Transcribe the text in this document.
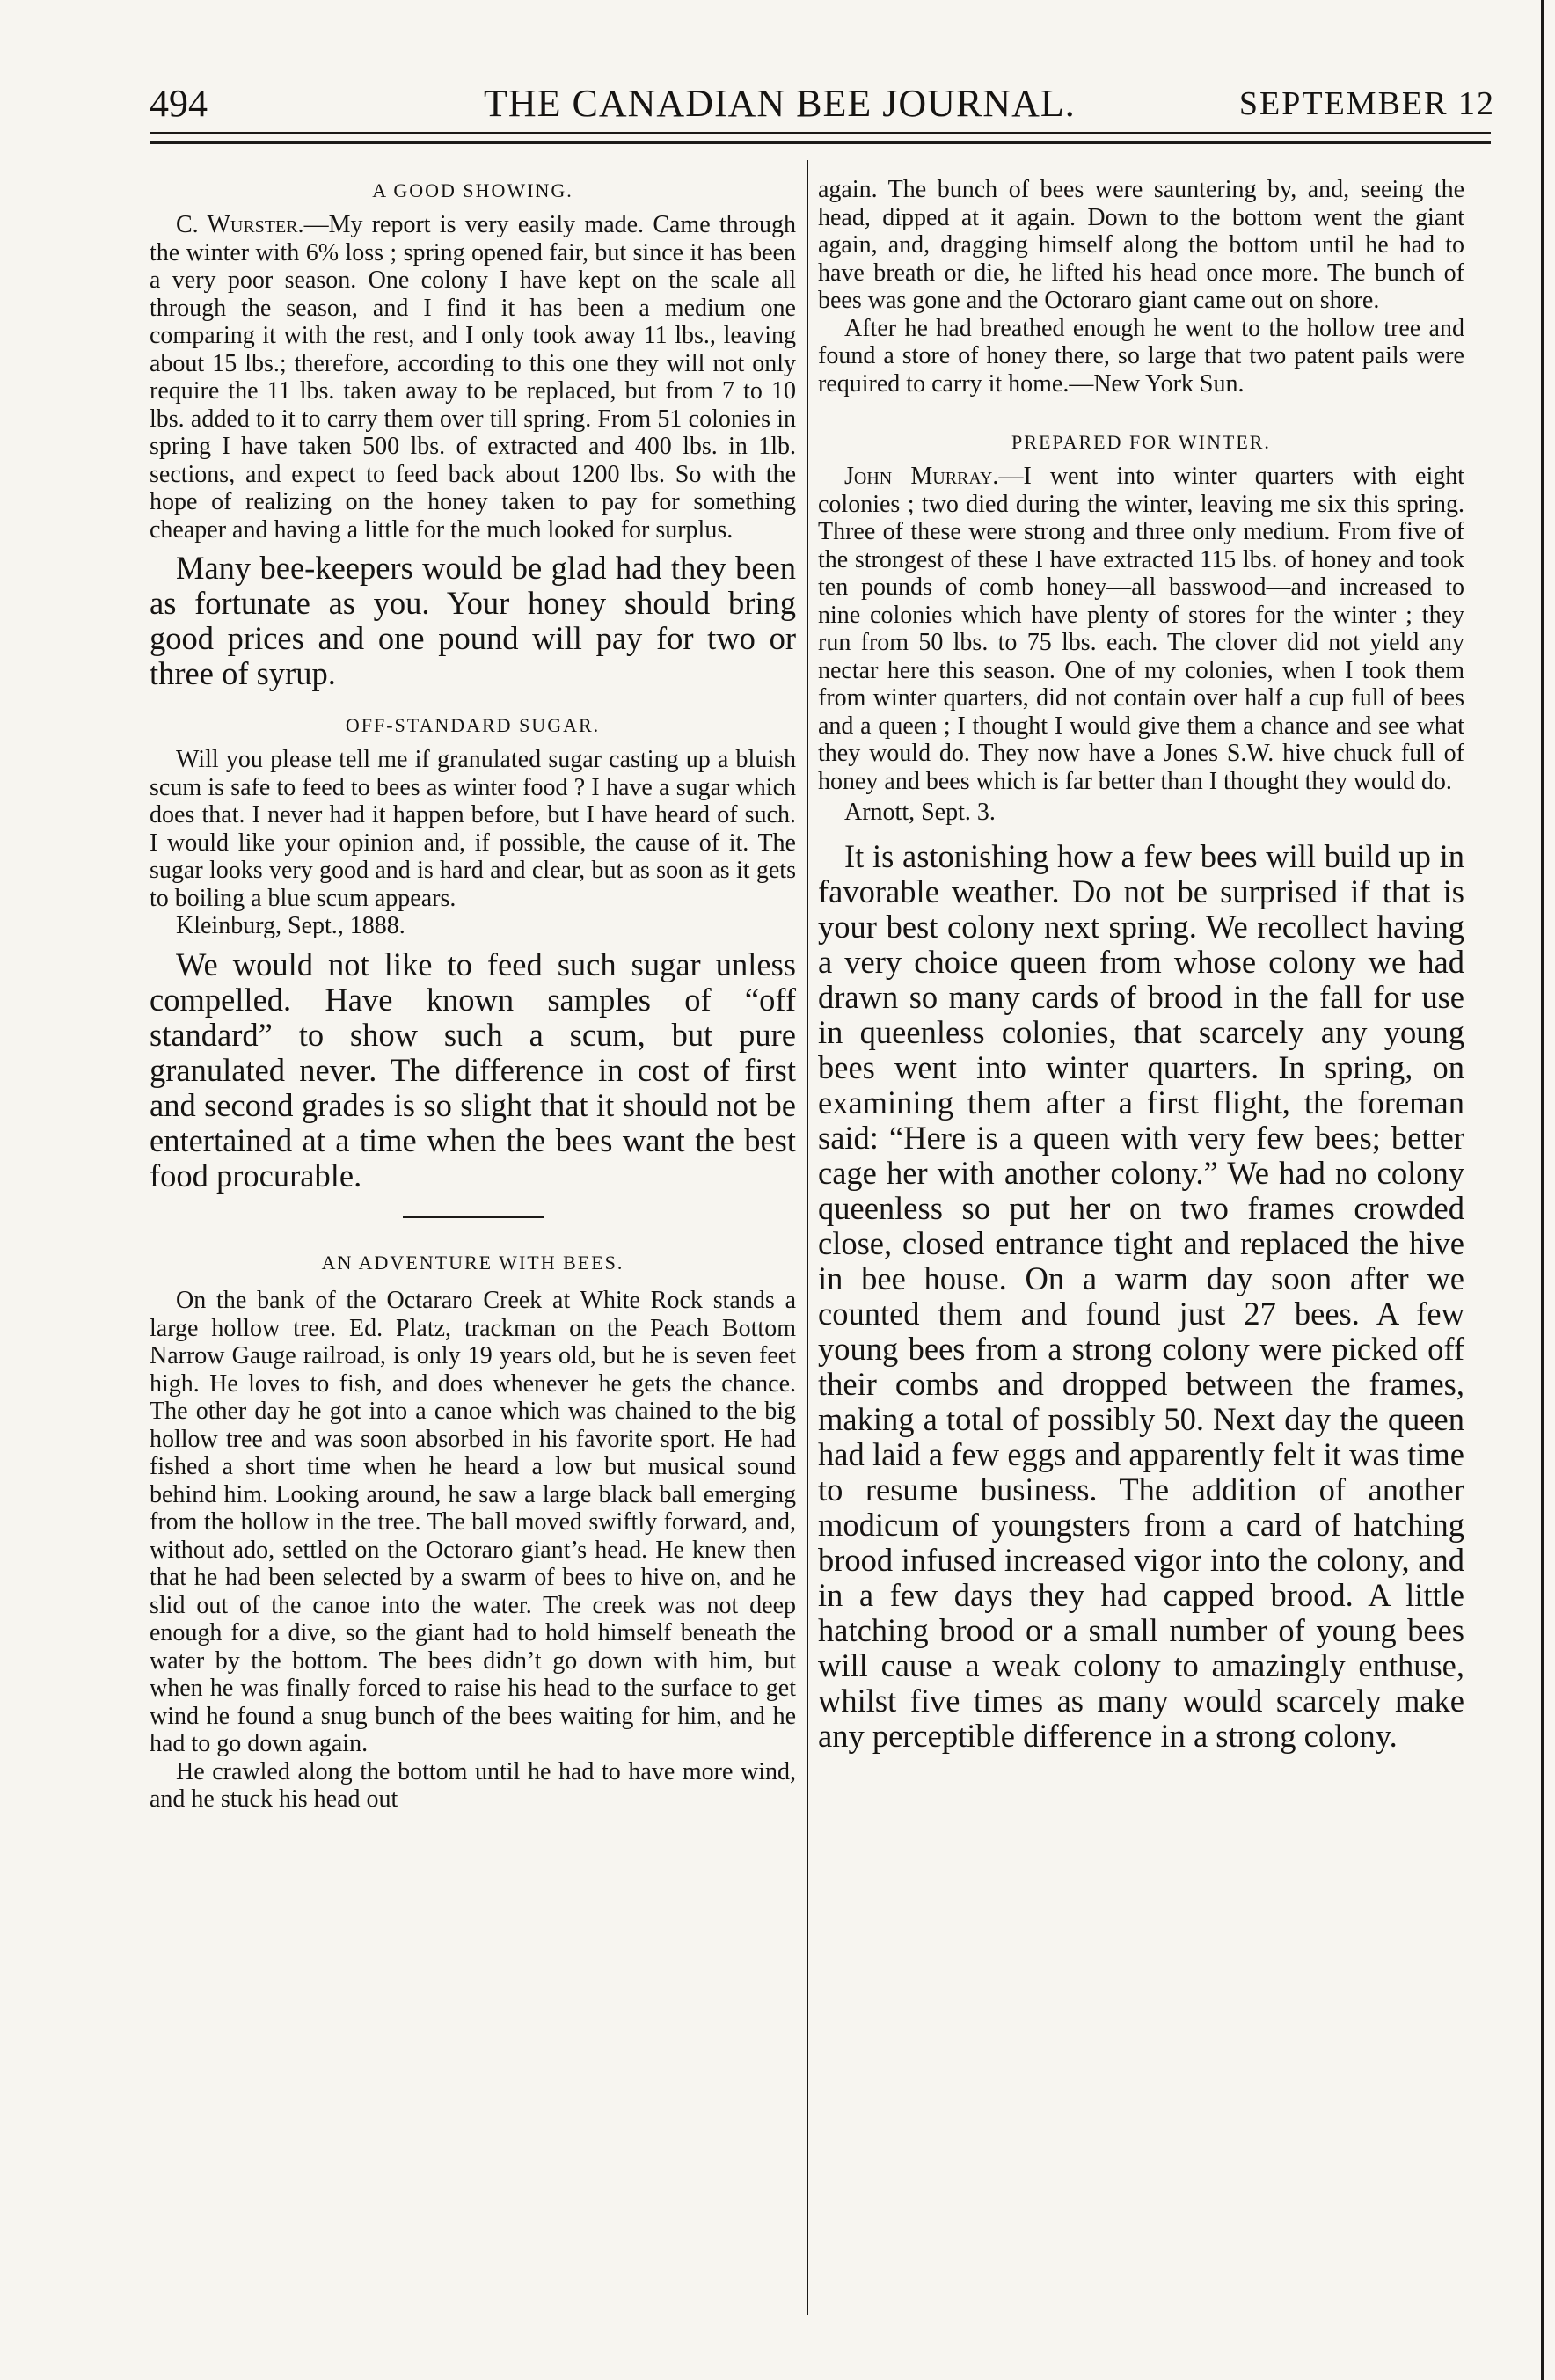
494	THE CANADIAN BEE JOURNAL.	SEPTEMBER 12
A GOOD SHOWING.

C. Wurster.—My report is very easily made. Came through the winter with 6% loss ; spring opened fair, but since it has been a very poor season. One colony I have kept on the scale all through the season, and I find it has been a medium one comparing it with the rest, and I only took away 11 lbs., leaving about 15 lbs.; therefore, according to this one they will not only require the 11 lbs. taken away to be replaced, but from 7 to 10 lbs. added to it to carry them over till spring. From 51 colonies in spring I have taken 500 lbs. of extracted and 400 lbs. in 1lb. sections, and expect to feed back about 1200 lbs. So with the hope of realizing on the honey taken to pay for something cheaper and having a little for the much looked for surplus.

Many bee-keepers would be glad had they been as fortunate as you. Your honey should bring good prices and one pound will pay for two or three of syrup.

OFF-STANDARD SUGAR.

Will you please tell me if granulated sugar casting up a bluish scum is safe to feed to bees as winter food ? I have a sugar which does that. I never had it happen before, but I have heard of such. I would like your opinion and, if possible, the cause of it. The sugar looks very good and is hard and clear, but as soon as it gets to boiling a blue scum appears.

Kleinburg, Sept., 1888.

We would not like to feed such sugar unless compelled. Have known samples of “off standard” to show such a scum, but pure granulated never. The difference in cost of first and second grades is so slight that it should not be entertained at a time when the bees want the best food procurable.

AN ADVENTURE WITH BEES.

On the bank of the Octararo Creek at White Rock stands a large hollow tree. Ed. Platz, trackman on the Peach Bottom Narrow Gauge railroad, is only 19 years old, but he is seven feet high. He loves to fish, and does whenever he gets the chance. The other day he got into a canoe which was chained to the big hollow tree and was soon absorbed in his favorite sport. He had fished a short time when he heard a low but musical sound behind him. Looking around, he saw a large black ball emerging from the hollow in the tree. The ball moved swiftly forward, and, without ado, settled on the Octoraro giant’s head. He knew then that he had been selected by a swarm of bees to hive on, and he slid out of the canoe into the water. The creek was not deep enough for a dive, so the giant had to hold himself beneath the water by the bottom. The bees didn’t go down with him, but when he was finally forced to raise his head to the surface to get wind he found a snug bunch of the bees waiting for him, and he had to go down again.

He crawled along the bottom until he had to have more wind, and he stuck his head out

again. The bunch of bees were sauntering by, and, seeing the head, dipped at it again. Down to the bottom went the giant again, and, dragging himself along the bottom until he had to have breath or die, he lifted his head once more. The bunch of bees was gone and the Octoraro giant came out on shore.

After he had breathed enough he went to the hollow tree and found a store of honey there, so large that two patent pails were required to carry it home.—New York Sun.

PREPARED FOR WINTER.

John Murray.—I went into winter quarters with eight colonies ; two died during the winter, leaving me six this spring. Three of these were strong and three only medium. From five of the strongest of these I have extracted 115 lbs. of honey and took ten pounds of comb honey—all basswood—and increased to nine colonies which have plenty of stores for the winter ; they run from 50 lbs. to 75 lbs. each. The clover did not yield any nectar here this season. One of my colonies, when I took them from winter quarters, did not contain over half a cup full of bees and a queen ; I thought I would give them a chance and see what they would do. They now have a Jones S.W. hive chuck full of honey and bees which is far better than I thought they would do.

Arnott, Sept. 3.

It is astonishing how a few bees will build up in favorable weather. Do not be surprised if that is your best colony next spring. We recollect having a very choice queen from whose colony we had drawn so many cards of brood in the fall for use in queenless colonies, that scarcely any young bees went into winter quarters. In spring, on examining them after a first flight, the foreman said: “Here is a queen with very few bees; better cage her with another colony.” We had no colony queenless so put her on two frames crowded close, closed entrance tight and replaced the hive in bee house. On a warm day soon after we counted them and found just 27 bees. A few young bees from a strong colony were picked off their combs and dropped between the frames, making a total of possibly 50. Next day the queen had laid a few eggs and apparently felt it was time to resume business. The addition of another modicum of youngsters from a card of hatching brood infused increased vigor into the colony, and in a few days they had capped brood. A little hatching brood or a small number of young bees will cause a weak colony to amazingly enthuse, whilst five times as many would scarcely make any perceptible difference in a strong colony.
